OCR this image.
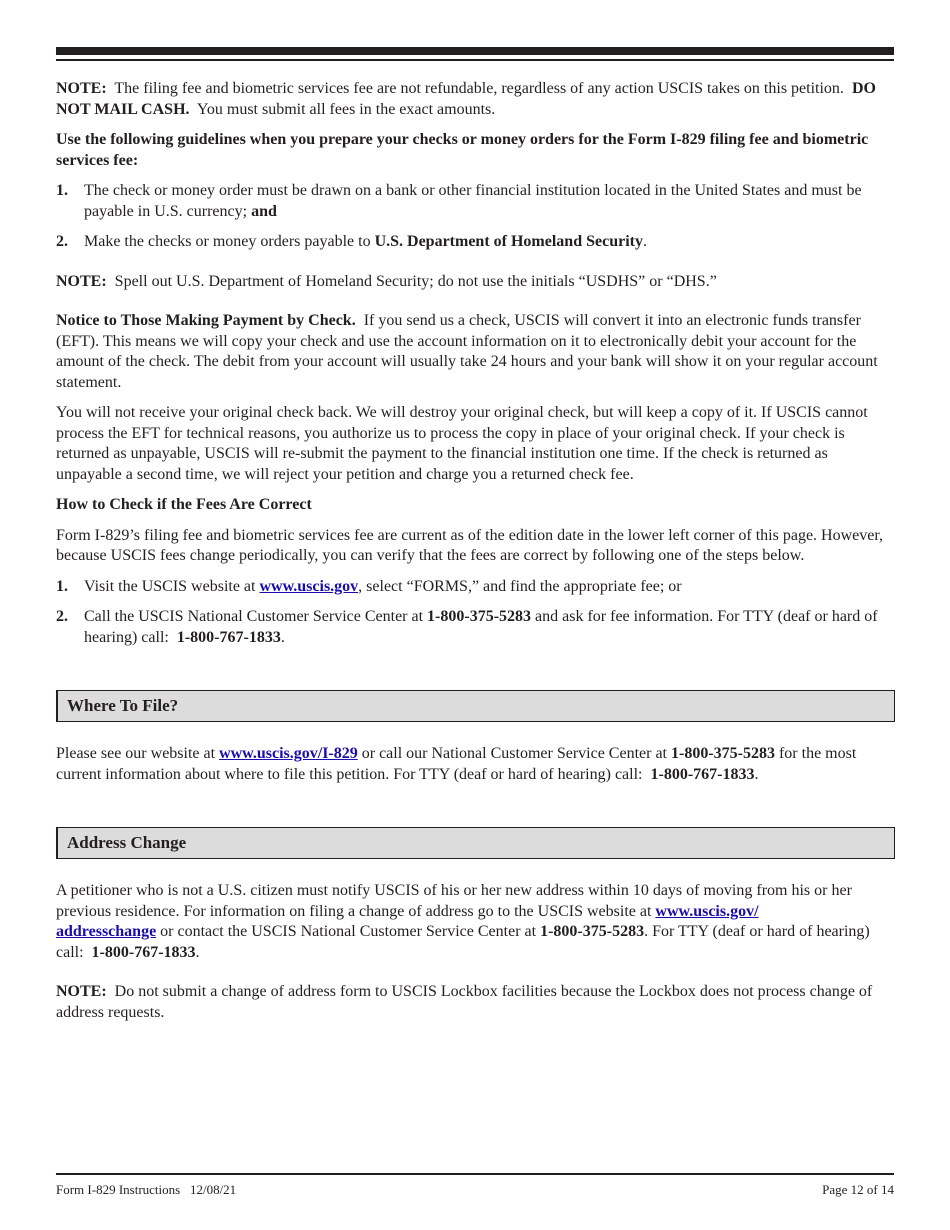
NOTE: The filing fee and biometric services fee are not refundable, regardless of any action USCIS takes on this petition. DO NOT MAIL CASH. You must submit all fees in the exact amounts.

Use the following guidelines when you prepare your checks or money orders for the Form I-829 filing fee and biometric services fee:

1. The check or money order must be drawn on a bank or other financial institution located in the United States and must be payable in U.S. currency; and
2. Make the checks or money orders payable to U.S. Department of Homeland Security.

NOTE: Spell out U.S. Department of Homeland Security; do not use the initials “USDHS” or “DHS.”

Notice to Those Making Payment by Check. If you send us a check, USCIS will convert it into an electronic funds transfer (EFT). This means we will copy your check and use the account information on it to electronically debit your account for the amount of the check. The debit from your account will usually take 24 hours and your bank will show it on your regular account statement.

You will not receive your original check back. We will destroy your original check, but will keep a copy of it. If USCIS cannot process the EFT for technical reasons, you authorize us to process the copy in place of your original check. If your check is returned as unpayable, USCIS will re-submit the payment to the financial institution one time. If the check is returned as unpayable a second time, we will reject your petition and charge you a returned check fee.

How to Check if the Fees Are Correct

Form I-829’s filing fee and biometric services fee are current as of the edition date in the lower left corner of this page. However, because USCIS fees change periodically, you can verify that the fees are correct by following one of the steps below.

1. Visit the USCIS website at www.uscis.gov, select “FORMS,” and find the appropriate fee; or
2. Call the USCIS National Customer Service Center at 1-800-375-5283 and ask for fee information. For TTY (deaf or hard of hearing) call: 1-800-767-1833.
Where To File?

Please see our website at www.uscis.gov/I-829 or call our National Customer Service Center at 1-800-375-5283 for the most current information about where to file this petition. For TTY (deaf or hard of hearing) call: 1-800-767-1833.

Address Change

A petitioner who is not a U.S. citizen must notify USCIS of his or her new address within 10 days of moving from his or her previous residence. For information on filing a change of address go to the USCIS website at www.uscis.gov/
addresschange or contact the USCIS National Customer Service Center at 1-800-375-5283. For TTY (deaf or hard of hearing) call: 1-800-767-1833.

NOTE: Do not submit a change of address form to USCIS Lockbox facilities because the Lockbox does not process change of address requests.

Form I-829 Instructions   12/08/21	Page 12 of 14
